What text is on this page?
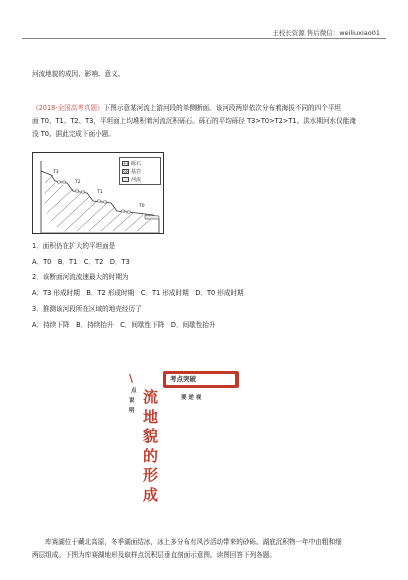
王校长资源 售后微信：weiliuxiao01
河流地貌的成因、影响、意义。
（2018·全国高考真题）下图示意某河流上游河段的单侧断面。该河段两岸依次分布着海拔不同的四个平坦
面 T0、T1、T2、T3，平坦面上均堆积着河流沉积砾石。砾石的平均砾径 T3>T0>T2>T1。洪水期河水仅能淹
没 T0。据此完成下面小题。
T3
T2
T1
T0
砾石
基岩
河流
1．面积仍在扩大的平坦面是
A．T0　B．T1　C．T2　D．T3
2．该断面河流流速最大的时期为
A．T3 形成时期　B．T2 形成时期　C．T1 形成时期　D．T0 形成时期
3．推测该河段所在区域的地壳经历了
A．持续下降　B．持续抬升　C．间歇性下降　D．间歇性抬升
\
点
说
明
要 逆 视
流
地
貌
的
形
成
考点突破
库赛湖位于藏北高原，冬季湖面结冰，冰上多分布有风沙活动带来的砂砾。湖底沉积物一年中由粗和细
两层组成。下图为库赛湖地形及取样点沉积层垂直剖面示意图。读图回答下列各题。
